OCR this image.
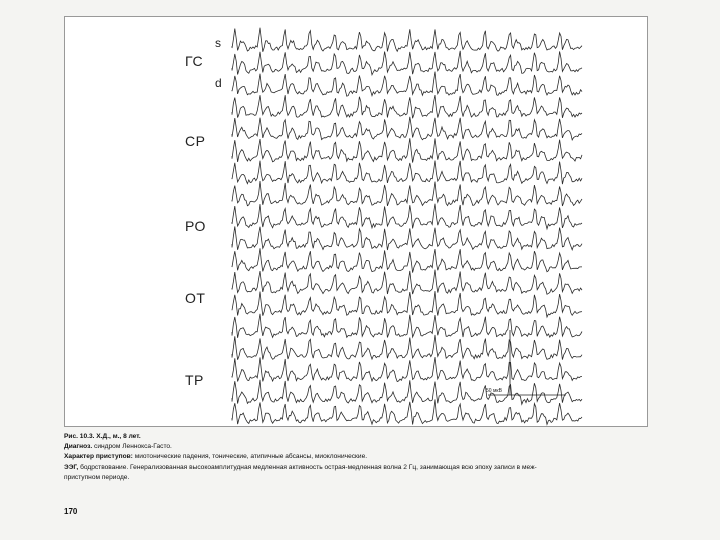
50 мкВ
ГС
СР
РО
ОТ
ТР
s
d
Рис. 10.3. Х.Д., м., 8 лет.
Диагноз. синдром Леннокса-Гасто.
Характер приступов: миотонические падения, тонические, атипичные абсансы, миоклонические.
ЭЭГ, бодрствование. Генерализованная высокоамплитудная медленная активность острая-медленная волна 2 Гц, занимающая всю эпоху записи в меж-
приступном периоде.
170
